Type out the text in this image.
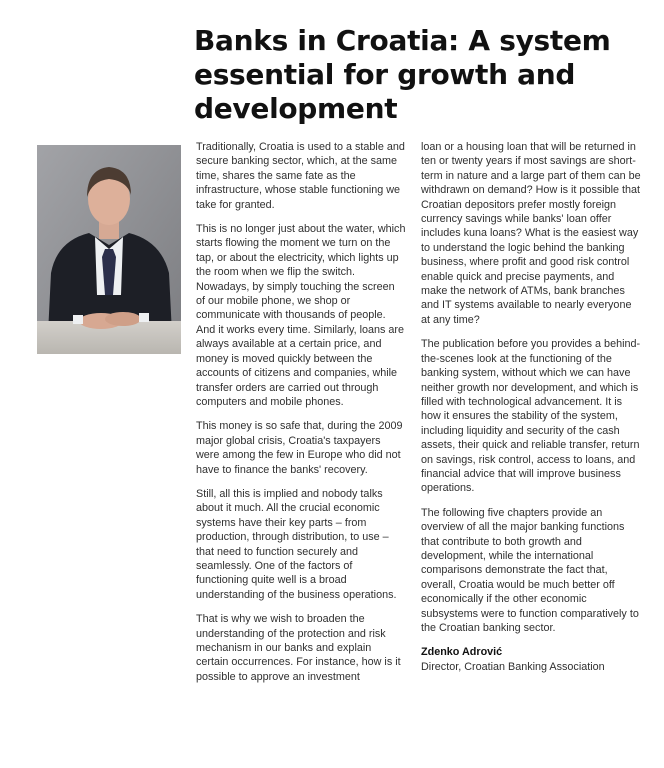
Banks in Croatia: A system essential for growth and development

Traditionally, Croatia is used to a stable and secure banking sector, which, at the same time, shares the same fate as the infrastructure, whose stable functioning we take for granted.

This is no longer just about the water, which starts flowing the moment we turn on the tap, or about the electricity, which lights up the room when we flip the switch. Nowadays, by simply touching the screen of our mobile phone, we shop or communicate with thousands of people. And it works every time. Similarly, loans are always available at a certain price, and money is moved quickly between the accounts of citizens and companies, while transfer orders are carried out through computers and mobile phones.

This money is so safe that, during the 2009 major global crisis, Croatia's taxpayers were among the few in Europe who did not have to finance the banks' recovery.

Still, all this is implied and nobody talks about it much. All the crucial economic systems have their key parts – from production, through distribution, to use – that need to function securely and seamlessly. One of the factors of functioning quite well is a broad understanding of the business operations.

That is why we wish to broaden the understanding of the protection and risk mechanism in our banks and explain certain occurrences. For instance, how is it possible to approve an investment

loan or a housing loan that will be returned in ten or twenty years if most savings are short-term in nature and a large part of them can be withdrawn on demand? How is it possible that Croatian depositors prefer mostly foreign currency savings while banks' loan offer includes kuna loans? What is the easiest way to understand the logic behind the banking business, where profit and good risk control enable quick and precise payments, and make the network of ATMs, bank branches and IT systems available to nearly everyone at any time?

The publication before you provides a behind-the-scenes look at the functioning of the banking system, without which we can have neither growth nor development, and which is filled with technological advancement. It is how it ensures the stability of the system, including liquidity and security of the cash assets, their quick and reliable transfer, return on savings, risk control, access to loans, and financial advice that will improve business operations.

The following five chapters provide an overview of all the major banking functions that contribute to both growth and development, while the international comparisons demonstrate the fact that, overall, Croatia would be much better off economically if the other economic subsystems were to function comparatively to the Croatian banking sector.

Zdenko Adrović
Director, Croatian Banking Association
